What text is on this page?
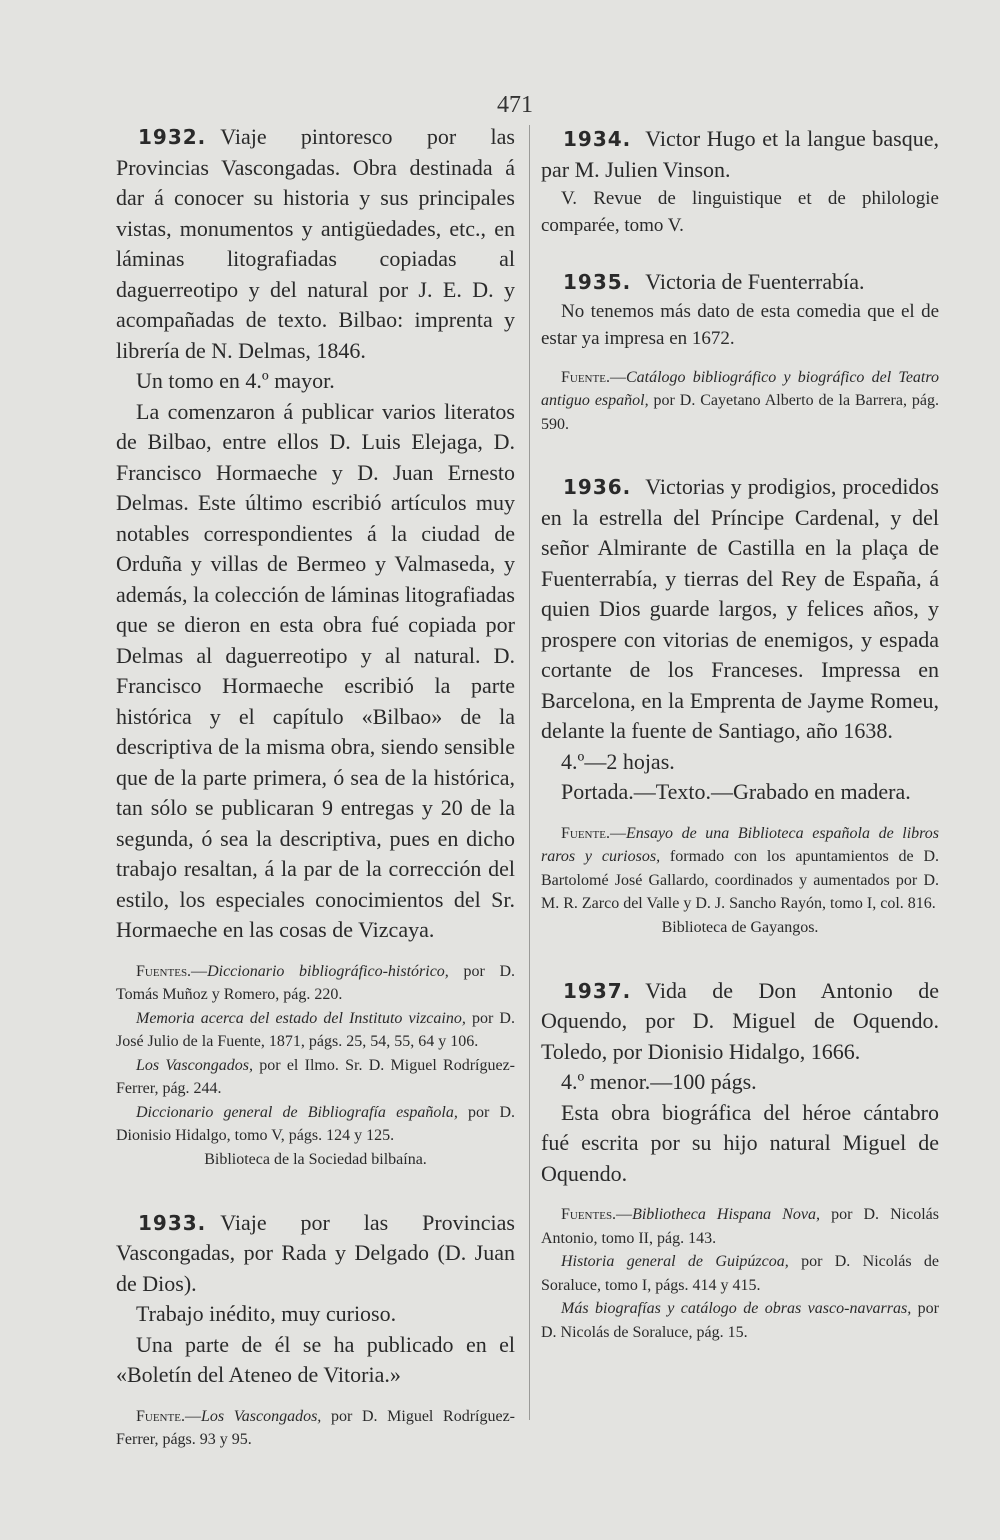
471

1932. Viaje pintoresco por las Provincias Vascongadas. Obra destinada á dar á conocer su historia y sus principales vistas, monumentos y antigüedades, etc., en láminas litografiadas copiadas al daguerreotipo y del natural por J. E. D. y acompañadas de texto. Bilbao: imprenta y librería de N. Delmas, 1846.

Un tomo en 4.º mayor.

La comenzaron á publicar varios literatos de Bilbao, entre ellos D. Luis Elejaga, D. Francisco Hormaeche y D. Juan Ernesto Delmas. Este último escribió artículos muy notables correspondientes á la ciudad de Orduña y villas de Bermeo y Valmaseda, y además, la colección de láminas litografiadas que se dieron en esta obra fué copiada por Delmas al daguerreotipo y al natural. D. Francisco Hormaeche escribió la parte histórica y el capítulo «Bilbao» de la descriptiva de la misma obra, siendo sensible que de la parte primera, ó sea de la histórica, tan sólo se publicaran 9 entregas y 20 de la segunda, ó sea la descriptiva, pues en dicho trabajo resaltan, á la par de la corrección del estilo, los especiales conocimientos del Sr. Hormaeche en las cosas de Vizcaya.

Fuentes.—Diccionario bibliográfico-histórico, por D. Tomás Muñoz y Romero, pág. 220.
Memoria acerca del estado del Instituto vizcaino, por D. José Julio de la Fuente, 1871, págs. 25, 54, 55, 64 y 106.
Los Vascongados, por el Ilmo. Sr. D. Miguel Rodríguez-Ferrer, pág. 244.
Diccionario general de Bibliografía española, por D. Dionisio Hidalgo, tomo V, págs. 124 y 125.

Biblioteca de la Sociedad bilbaína.

1933. Viaje por las Provincias Vascongadas, por Rada y Delgado (D. Juan de Dios).

Trabajo inédito, muy curioso.

Una parte de él se ha publicado en el «Boletín del Ateneo de Vitoria.»

Fuente.—Los Vascongados, por D. Miguel Rodríguez-Ferrer, págs. 93 y 95.

1934. Victor Hugo et la langue basque, par M. Julien Vinson.

V. Revue de linguistique et de philologie comparée, tomo V.

1935. Victoria de Fuenterrabía.

No tenemos más dato de esta comedia que el de estar ya impresa en 1672.

Fuente.—Catálogo bibliográfico y biográfico del Teatro antiguo español, por D. Cayetano Alberto de la Barrera, pág. 590.

1936. Victorias y prodigios, procedidos en la estrella del Príncipe Cardenal, y del señor Almirante de Castilla en la plaça de Fuenterrabía, y tierras del Rey de España, á quien Dios guarde largos, y felices años, y prospere con vitorias de enemigos, y espada cortante de los Franceses. Impressa en Barcelona, en la Emprenta de Jayme Romeu, delante la fuente de Santiago, año 1638.

4.º—2 hojas.

Portada.—Texto.—Grabado en madera.

Fuente.—Ensayo de una Biblioteca española de libros raros y curiosos, formado con los apuntamientos de D. Bartolomé José Gallardo, coordinados y aumentados por D. M. R. Zarco del Valle y D. J. Sancho Rayón, tomo I, col. 816.

Biblioteca de Gayangos.

1937. Vida de Don Antonio de Oquendo, por D. Miguel de Oquendo. Toledo, por Dionisio Hidalgo, 1666.

4.º menor.—100 págs.

Esta obra biográfica del héroe cántabro fué escrita por su hijo natural Miguel de Oquendo.

Fuentes.—Bibliotheca Hispana Nova, por D. Nicolás Antonio, tomo II, pág. 143.
Historia general de Guipúzcoa, por D. Nicolás de Soraluce, tomo I, págs. 414 y 415.
Más biografías y catálogo de obras vasco-navarras, por D. Nicolás de Soraluce, pág. 15.
